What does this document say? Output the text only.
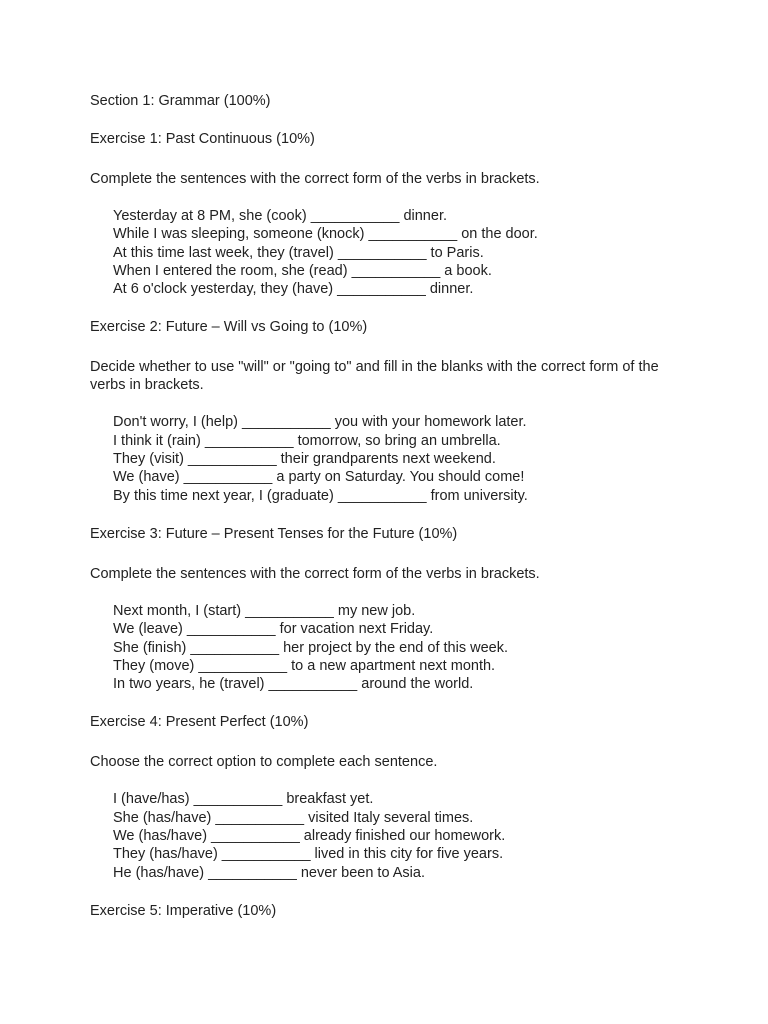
Section 1: Grammar (100%)
Exercise 1: Past Continuous (10%)
Complete the sentences with the correct form of the verbs in brackets.
Yesterday at 8 PM, she (cook) ___________ dinner.
While I was sleeping, someone (knock) ___________ on the door.
At this time last week, they (travel) ___________ to Paris.
When I entered the room, she (read) ___________ a book.
At 6 o'clock yesterday, they (have) ___________ dinner.
Exercise 2: Future – Will vs Going to (10%)
Decide whether to use "will" or "going to" and fill in the blanks with the correct form of the verbs in brackets.
Don't worry, I (help) ___________ you with your homework later.
I think it (rain) ___________ tomorrow, so bring an umbrella.
They (visit) ___________ their grandparents next weekend.
We (have) ___________ a party on Saturday. You should come!
By this time next year, I (graduate) ___________ from university.
Exercise 3: Future – Present Tenses for the Future (10%)
Complete the sentences with the correct form of the verbs in brackets.
Next month, I (start) ___________ my new job.
We (leave) ___________ for vacation next Friday.
She (finish) ___________ her project by the end of this week.
They (move) ___________ to a new apartment next month.
In two years, he (travel) ___________ around the world.
Exercise 4: Present Perfect (10%)
Choose the correct option to complete each sentence.
I (have/has) ___________ breakfast yet.
She (has/have) ___________ visited Italy several times.
We (has/have) ___________ already finished our homework.
They (has/have) ___________ lived in this city for five years.
He (has/have) ___________ never been to Asia.
Exercise 5: Imperative (10%)
